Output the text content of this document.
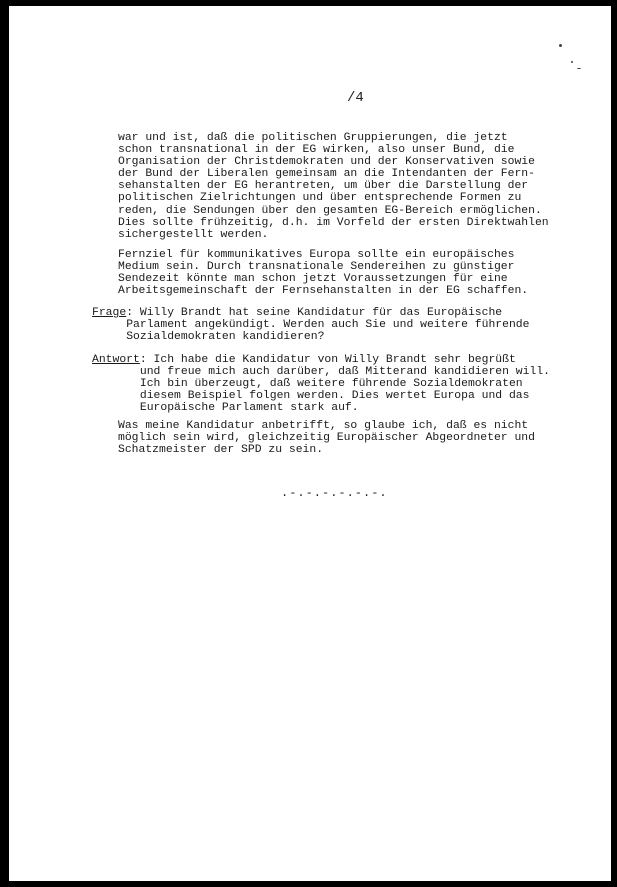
/4

war und ist, daß die politischen Gruppierungen, die jetzt
schon transnational in der EG wirken, also unser Bund, die
Organisation der Christdemokraten und der Konservativen sowie
der Bund der Liberalen gemeinsam an die Intendanten der Fern-
sehanstalten der EG herantreten, um über die Darstellung der
politischen Zielrichtungen und über entsprechende Formen zu
reden, die Sendungen über den gesamten EG-Bereich ermöglichen.
Dies sollte frühzeitig, d.h. im Vorfeld der ersten Direktwahlen
sichergestellt werden.

Fernziel für kommunikatives Europa sollte ein europäisches
Medium sein. Durch transnationale Sendereihen zu günstiger
Sendezeit könnte man schon jetzt Voraussetzungen für eine
Arbeitsgemeinschaft der Fernsehanstalten in der EG schaffen.

Frage : Willy Brandt hat seine Kandidatur für das Europäische
Parlament angekündigt. Werden auch Sie und weitere führende
Sozialdemokraten kandidieren?
Antwort : Ich habe die Kandidatur von Willy Brandt sehr begrüßt
und freue mich auch darüber, daß Mitterand kandidieren will.
Ich bin überzeugt, daß weitere führende Sozialdemokraten
diesem Beispiel folgen werden. Dies wertet Europa und das
Europäische Parlament stark auf.

Was meine Kandidatur anbetrifft, so glaube ich, daß es nicht
möglich sein wird, gleichzeitig Europäischer Abgeordneter und
Schatzmeister der SPD zu sein.

.-.-.-.-.-.-.
